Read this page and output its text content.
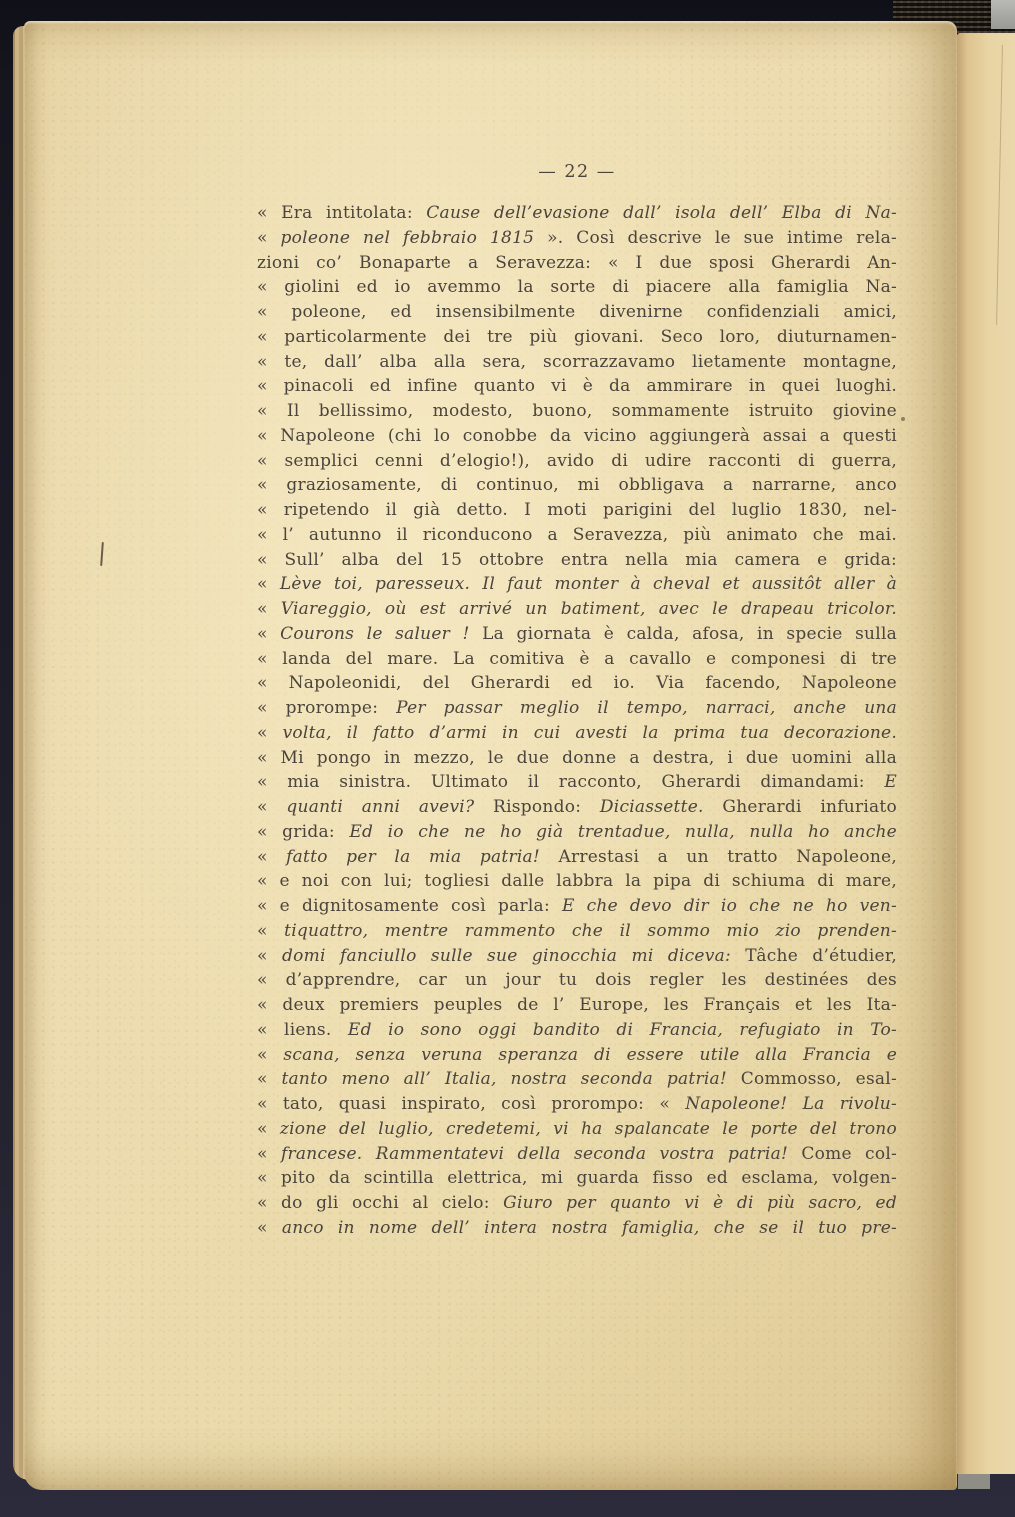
— 22 —
« Era intitolata: Cause dell’evasione dall’ isola dell’ Elba di Na-
« poleone nel febbraio 1815 ». Così descrive le sue intime rela-
zioni co’ Bonaparte a Seravezza: « I due sposi Gherardi An-
« giolini ed io avemmo la sorte di piacere alla famiglia Na-
« poleone, ed insensibilmente divenirne confidenziali amici,
« particolarmente dei tre più giovani. Seco loro, diuturnamen-
« te, dall’ alba alla sera, scorrazzavamo lietamente montagne,
« pinacoli ed infine quanto vi è da ammirare in quei luoghi.
« Il bellissimo, modesto, buono, sommamente istruito giovine
« Napoleone (chi lo conobbe da vicino aggiungerà assai a questi
« semplici cenni d’elogio!), avido di udire racconti di guerra,
« graziosamente, di continuo, mi obbligava a narrarne, anco
« ripetendo il già detto. I moti parigini del luglio 1830, nel-
« l’ autunno il riconducono a Seravezza, più animato che mai.
« Sull’ alba del 15 ottobre entra nella mia camera e grida:
« Lève toi, paresseux. Il faut monter à cheval et aussitôt aller à
« Viareggio, où est arrivé un batiment, avec le drapeau tricolor.
« Courons le saluer ! La giornata è calda, afosa, in specie sulla
« landa del mare. La comitiva è a cavallo e componesi di tre
« Napoleonidi, del Gherardi ed io. Via facendo, Napoleone
« prorompe: Per passar meglio il tempo, narraci, anche una
« volta, il fatto d’armi in cui avesti la prima tua decorazione.
« Mi pongo in mezzo, le due donne a destra, i due uomini alla
« mia sinistra. Ultimato il racconto, Gherardi dimandami: E
« quanti anni avevi? Rispondo: Diciassette. Gherardi infuriato
« grida: Ed io che ne ho già trentadue, nulla, nulla ho anche
« fatto per la mia patria! Arrestasi a un tratto Napoleone,
« e noi con lui; togliesi dalle labbra la pipa di schiuma di mare,
« e dignitosamente così parla: E che devo dir io che ne ho ven-
« tiquattro, mentre rammento che il sommo mio zio prenden-
« domi fanciullo sulle sue ginocchia mi diceva: Tâche d’étudier,
« d’apprendre, car un jour tu dois regler les destinées des
« deux premiers peuples de l’ Europe, les Français et les Ita-
« liens. Ed io sono oggi bandito di Francia, refugiato in To-
« scana, senza veruna speranza di essere utile alla Francia e
« tanto meno all’ Italia, nostra seconda patria! Commosso, esal-
« tato, quasi inspirato, così prorompo: « Napoleone! La rivolu-
« zione del luglio, credetemi, vi ha spalancate le porte del trono
« francese. Rammentatevi della seconda vostra patria! Come col-
« pito da scintilla elettrica, mi guarda fisso ed esclama, volgen-
« do gli occhi al cielo: Giuro per quanto vi è di più sacro, ed
« anco in nome dell’ intera nostra famiglia, che se il tuo pre-
